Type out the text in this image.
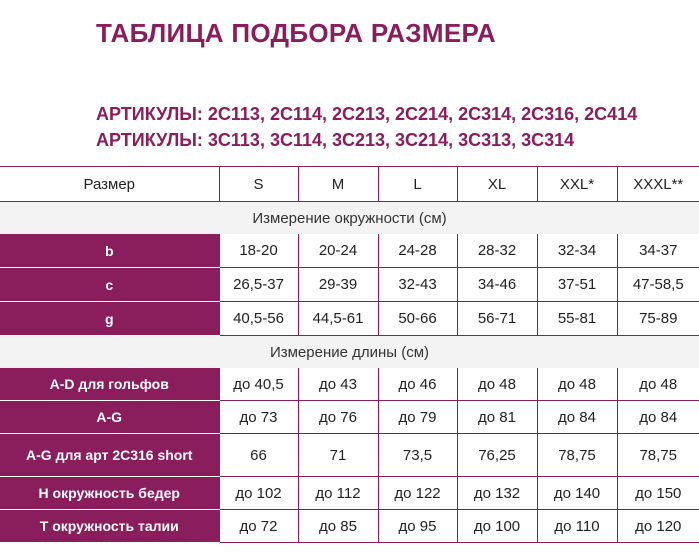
ТАБЛИЦА ПОДБОРА РАЗМЕРА
АРТИКУЛЫ: 2С113, 2С114, 2С213, 2С214, 2С314, 2С316, 2С414
АРТИКУЛЫ: 3С113, 3С114, 3С213, 3С214, 3С313, 3С314
Размер	S	M	L	XL	XXL*	XXXL**
Измерение окружности (см)						
b	18-20	20-24	24-28	28-32	32-34	34-37
c	26,5-37	29-39	32-43	34-46	37-51	47-58,5
g	40,5-56	44,5-61	50-66	56-71	55-81	75-89
Измерение длины (см)						
A-D для гольфов	до 40,5	до 43	до 46	до 48	до 48	до 48
A-G	до 73	до 76	до 79	до 81	до 84	до 84
A-G для арт 2С316 short	66	71	73,5	76,25	78,75	78,75
H окружность бедер	до 102	до 112	до 122	до 132	до 140	до 150
T окружность талии	до 72	до 85	до 95	до 100	до 110	до 120
